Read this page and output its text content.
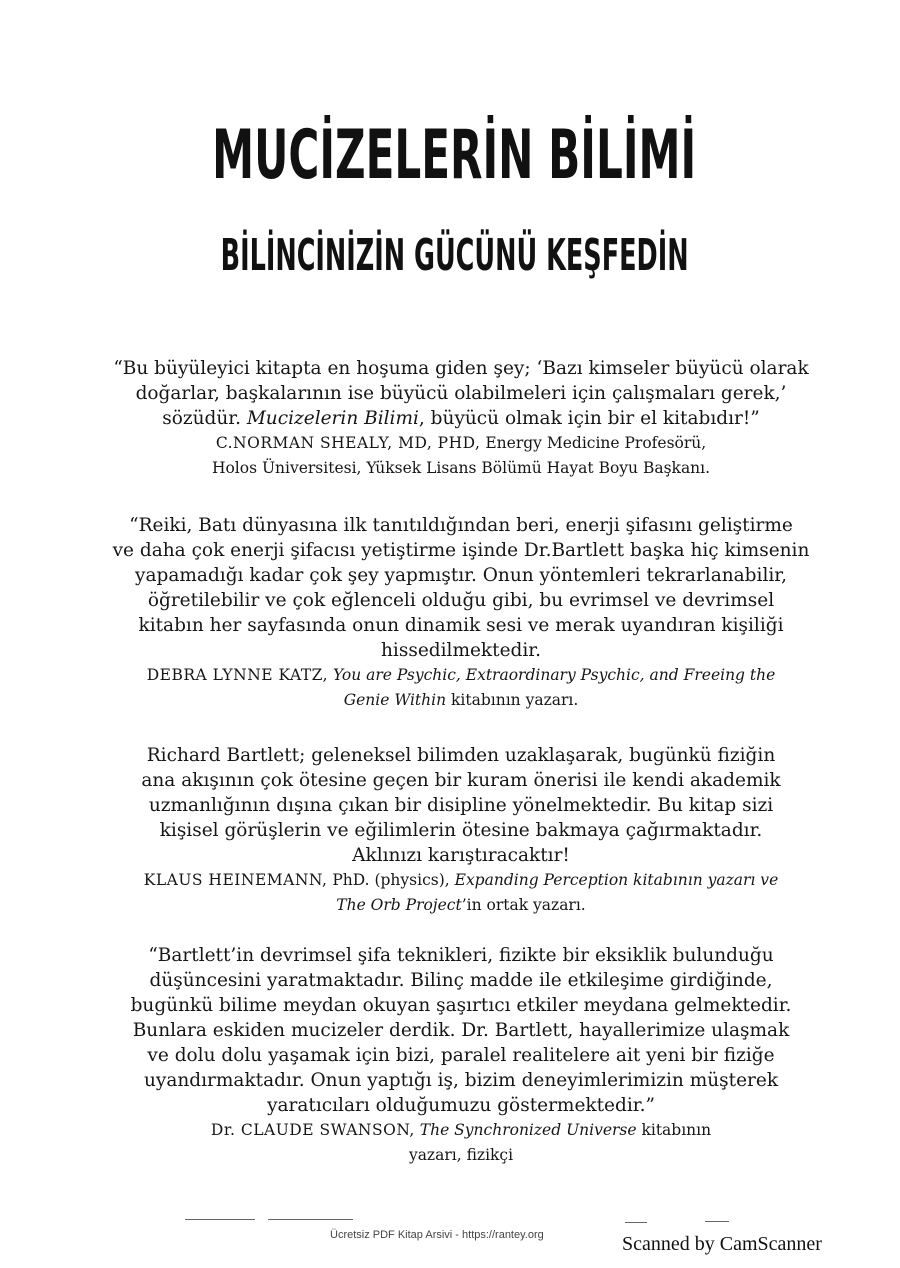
MUCİZELERİN BİLİMİ
BİLİNCİNİZİN GÜCÜNÜ KEŞFEDİN
“Bu büyüleyici kitapta en hoşuma giden şey; ‘Bazı kimseler büyücü olarak
doğarlar, başkalarının ise büyücü olabilmeleri için çalışmaları gerek,’
sözüdür. Mucizelerin Bilimi, büyücü olmak için bir el kitabıdır!”
C.NORMAN SHEALY, MD, PHD, Energy Medicine Profesörü,
Holos Üniversitesi, Yüksek Lisans Bölümü Hayat Boyu Başkanı.
“Reiki, Batı dünyasına ilk tanıtıldığından beri, enerji şifasını geliştirme
ve daha çok enerji şifacısı yetiştirme işinde Dr.Bartlett başka hiç kimsenin
yapamadığı kadar çok şey yapmıştır. Onun yöntemleri tekrarlanabilir,
öğretilebilir ve çok eğlenceli olduğu gibi, bu evrimsel ve devrimsel
kitabın her sayfasında onun dinamik sesi ve merak uyandıran kişiliği
hissedilmektedir.
DEBRA LYNNE KATZ, You are Psychic, Extraordinary Psychic, and Freeing the
Genie Within kitabının yazarı.
Richard Bartlett; geleneksel bilimden uzaklaşarak, bugünkü fiziğin
ana akışının çok ötesine geçen bir kuram önerisi ile kendi akademik
uzmanlığının dışına çıkan bir disipline yönelmektedir. Bu kitap sizi
kişisel görüşlerin ve eğilimlerin ötesine bakmaya çağırmaktadır.
Aklınızı karıştıracaktır!
KLAUS HEINEMANN, PhD. (physics), Expanding Perception kitabının yazarı ve
The Orb Project’in ortak yazarı.
“Bartlett’in devrimsel şifa teknikleri, fizikte bir eksiklik bulunduğu
düşüncesini yaratmaktadır. Bilinç madde ile etkileşime girdiğinde,
bugünkü bilime meydan okuyan şaşırtıcı etkiler meydana gelmektedir.
Bunlara eskiden mucizeler derdik. Dr. Bartlett, hayallerimize ulaşmak
ve dolu dolu yaşamak için bizi, paralel realitelere ait yeni bir fiziğe
uyandırmaktadır. Onun yaptığı iş, bizim deneyimlerimizin müşterek
yaratıcıları olduğumuzu göstermektedir.”
Dr. CLAUDE SWANSON, The Synchronized Universe kitabının
yazarı, fizikçi
Ücretsiz PDF Kitap Arsivi - https://rantey.org	Scanned by CamScanner
